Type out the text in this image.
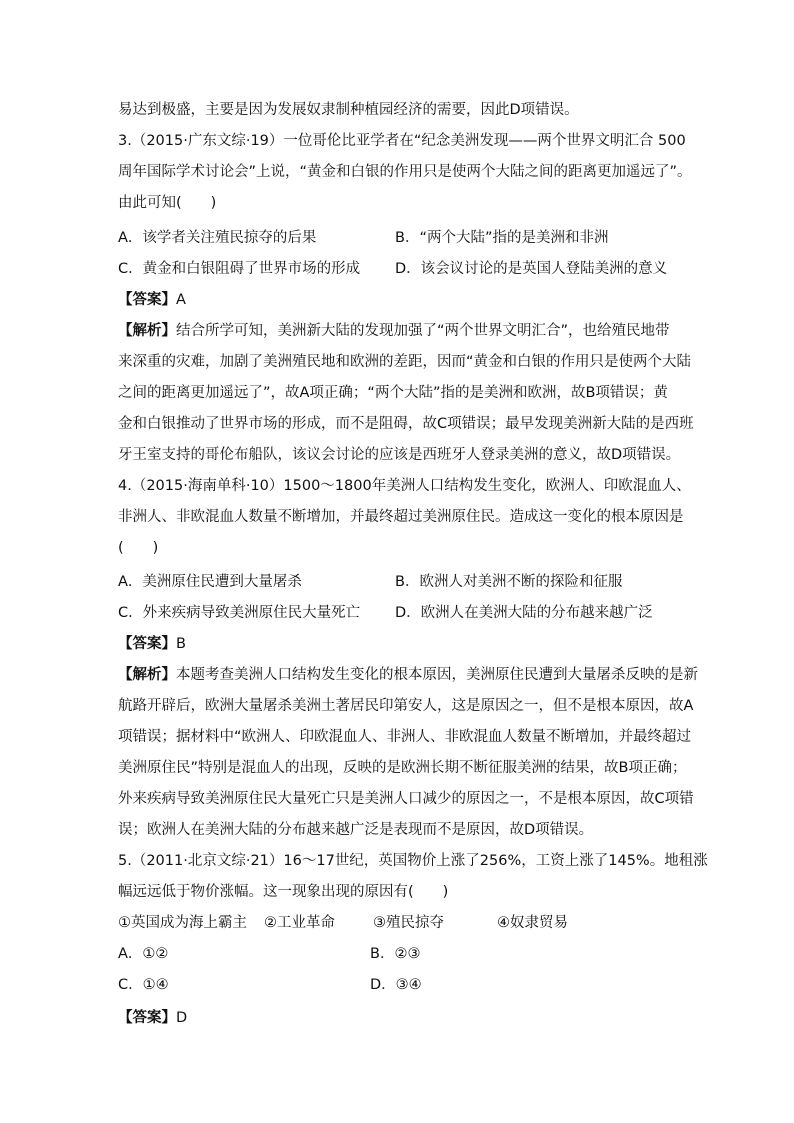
易达到极盛，主要是因为发展奴隶制种植园经济的需要，因此D项错误。
3.（2015·广东文综·19）一位哥伦比亚学者在“纪念美洲发现——两个世界文明汇合 500
周年国际学术讨论会”上说，“黄金和白银的作用只是使两个大陆之间的距离更加遥远了”。
由此可知(　　)
A．该学者关注殖民掠夺的后果	B．“两个大陆”指的是美洲和非洲
C．黄金和白银阻碍了世界市场的形成 D．该会议讨论的是英国人登陆美洲的意义
【答案】A
【解析】结合所学可知，美洲新大陆的发现加强了“两个世界文明汇合”，也给殖民地带
来深重的灾难，加剧了美洲殖民地和欧洲的差距，因而“黄金和白银的作用只是使两个大陆
之间的距离更加遥远了”，故A项正确；“两个大陆”指的是美洲和欧洲，故B项错误；黄
金和白银推动了世界市场的形成，而不是阻碍，故C项错误；最早发现美洲新大陆的是西班
牙王室支持的哥伦布船队，该议会讨论的应该是西班牙人登录美洲的意义，故D项错误。
4.（2015·海南单科·10）1500～1800年美洲人口结构发生变化，欧洲人、印欧混血人、
非洲人、非欧混血人数量不断增加，并最终超过美洲原住民。造成这一变化的根本原因是
(　　)
A．美洲原住民遭到大量屠杀	B．欧洲人对美洲不断的探险和征服
C．外来疾病导致美洲原住民大量死亡 D．欧洲人在美洲大陆的分布越来越广泛
【答案】B
【解析】本题考查美洲人口结构发生变化的根本原因，美洲原住民遭到大量屠杀反映的是新
航路开辟后，欧洲大量屠杀美洲土著居民印第安人，这是原因之一，但不是根本原因，故A
项错误；据材料中“欧洲人、印欧混血人、非洲人、非欧混血人数量不断增加，并最终超过
美洲原住民”特别是混血人的出现，反映的是欧洲长期不断征服美洲的结果，故B项正确；
外来疾病导致美洲原住民大量死亡只是美洲人口减少的原因之一，不是根本原因，故C项错
误；欧洲人在美洲大陆的分布越来越广泛是表现而不是原因，故D项错误。
5.（2011·北京文综·21）16～17世纪，英国物价上涨了256%，工资上涨了145%。地租涨
幅远远低于物价涨幅。这一现象出现的原因有(　　)
①英国成为海上霸主 ②工业革命	③殖民掠夺	④奴隶贸易
A．①②	B．②③
C．①④	D．③④
【答案】D
